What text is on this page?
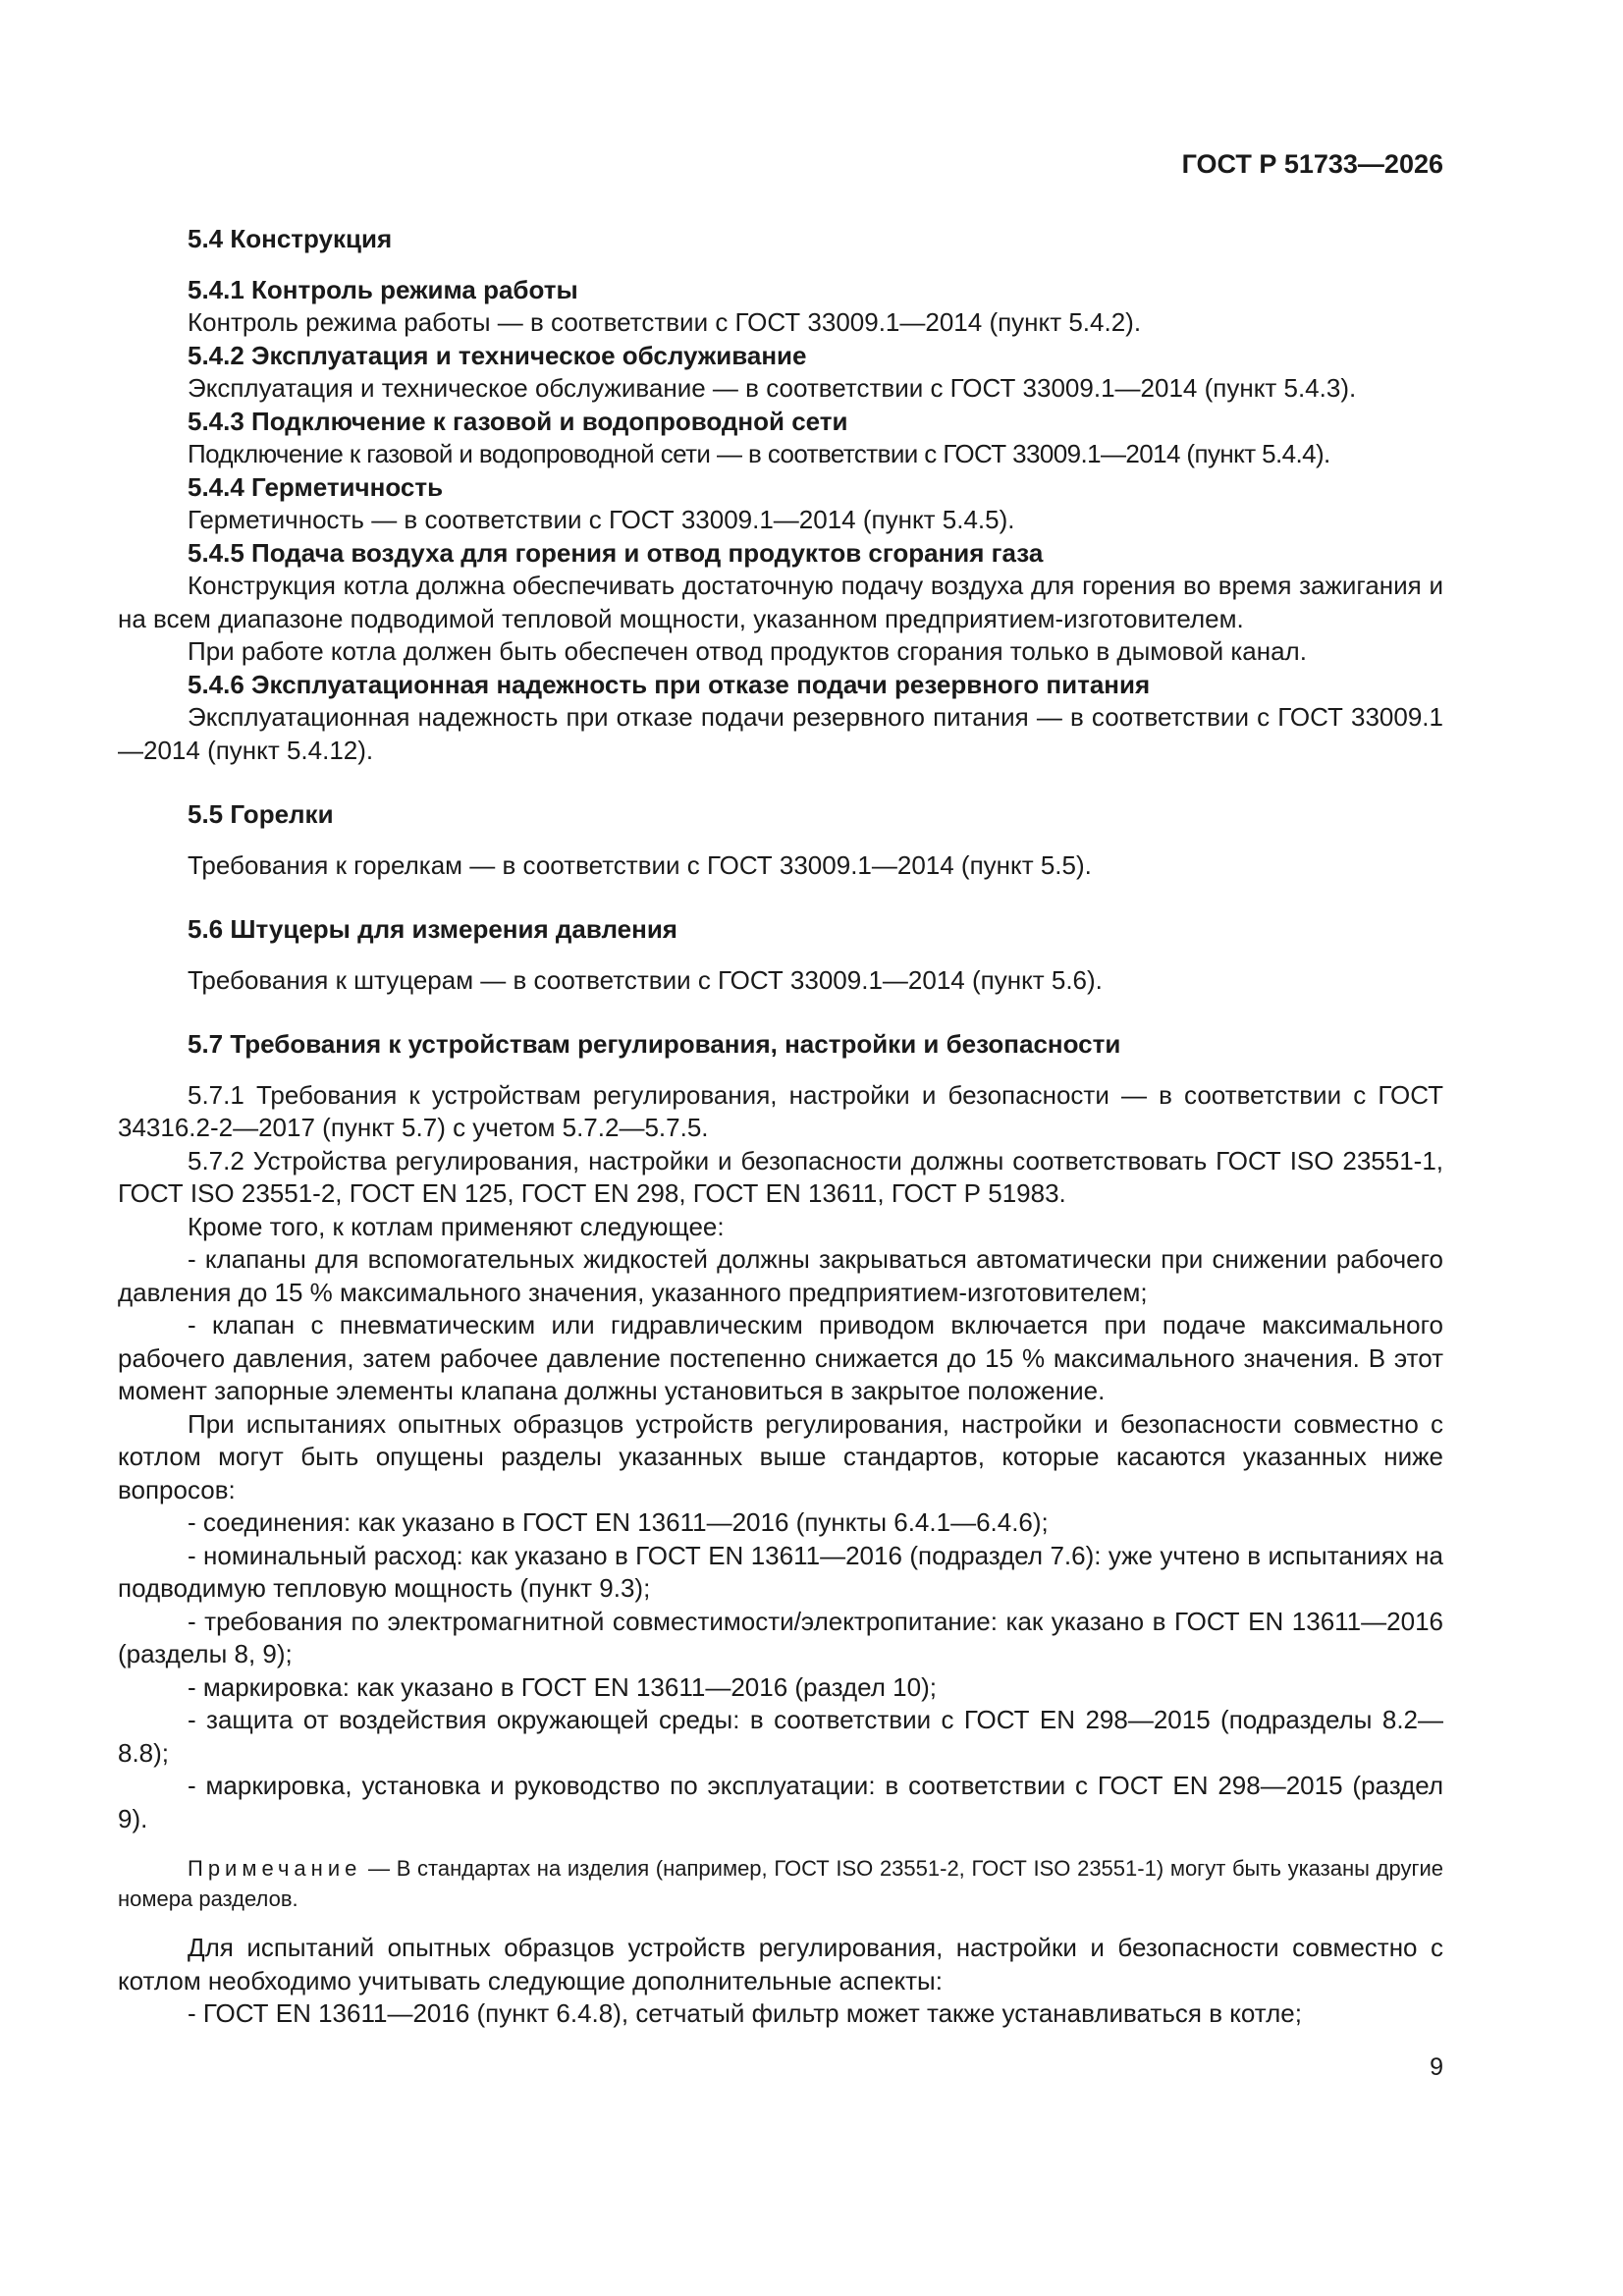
ГОСТ Р 51733—2026

5.4 Конструкция

5.4.1 Контроль режима работы

Контроль режима работы — в соответствии с ГОСТ 33009.1—2014 (пункт 5.4.2).

5.4.2 Эксплуатация и техническое обслуживание

Эксплуатация и техническое обслуживание — в соответствии с ГОСТ 33009.1—2014 (пункт 5.4.3).

5.4.3 Подключение к газовой и водопроводной сети

Подключение к газовой и водопроводной сети — в соответствии с ГОСТ 33009.1—2014 (пункт 5.4.4).

5.4.4 Герметичность

Герметичность — в соответствии с ГОСТ 33009.1—2014 (пункт 5.4.5).

5.4.5 Подача воздуха для горения и отвод продуктов сгорания газа

Конструкция котла должна обеспечивать достаточную подачу воздуха для горения во время зажигания и на всем диапазоне подводимой тепловой мощности, указанном предприятием-изготовителем.

При работе котла должен быть обеспечен отвод продуктов сгорания только в дымовой канал.

5.4.6 Эксплуатационная надежность при отказе подачи резервного питания

Эксплуатационная надежность при отказе подачи резервного питания — в соответствии с ГОСТ 33009.1—2014 (пункт 5.4.12).

5.5 Горелки

Требования к горелкам — в соответствии с ГОСТ 33009.1—2014 (пункт 5.5).

5.6 Штуцеры для измерения давления

Требования к штуцерам — в соответствии с ГОСТ 33009.1—2014 (пункт 5.6).

5.7 Требования к устройствам регулирования, настройки и безопасности

5.7.1 Требования к устройствам регулирования, настройки и безопасности — в соответствии с ГОСТ 34316.2-2—2017 (пункт 5.7) с учетом 5.7.2—5.7.5.

5.7.2 Устройства регулирования, настройки и безопасности должны соответствовать ГОСТ ISO 23551-1, ГОСТ ISO 23551-2, ГОСТ EN 125, ГОСТ EN 298, ГОСТ EN 13611, ГОСТ Р 51983.

Кроме того, к котлам применяют следующее:

- клапаны для вспомогательных жидкостей должны закрываться автоматически при снижении рабочего давления до 15 % максимального значения, указанного предприятием-изготовителем;

- клапан с пневматическим или гидравлическим приводом включается при подаче максимального рабочего давления, затем рабочее давление постепенно снижается до 15 % максимального значения. В этот момент запорные элементы клапана должны установиться в закрытое положение.

При испытаниях опытных образцов устройств регулирования, настройки и безопасности совместно с котлом могут быть опущены разделы указанных выше стандартов, которые касаются указанных ниже вопросов:

- соединения: как указано в ГОСТ EN 13611—2016 (пункты 6.4.1—6.4.6);

- номинальный расход: как указано в ГОСТ EN 13611—2016 (подраздел 7.6): уже учтено в испытаниях на подводимую тепловую мощность (пункт 9.3);

- требования по электромагнитной совместимости/электропитание: как указано в ГОСТ EN 13611—2016 (разделы 8, 9);

- маркировка: как указано в ГОСТ EN 13611—2016 (раздел 10);

- защита от воздействия окружающей среды: в соответствии с ГОСТ EN 298—2015 (подразделы 8.2—8.8);

- маркировка, установка и руководство по эксплуатации: в соответствии с ГОСТ EN 298—2015 (раздел 9).

Примечание — В стандартах на изделия (например, ГОСТ ISO 23551-2, ГОСТ ISO 23551-1) могут быть указаны другие номера разделов.

Для испытаний опытных образцов устройств регулирования, настройки и безопасности совместно с котлом необходимо учитывать следующие дополнительные аспекты:

- ГОСТ EN 13611—2016 (пункт 6.4.8), сетчатый фильтр может также устанавливаться в котле;

9
